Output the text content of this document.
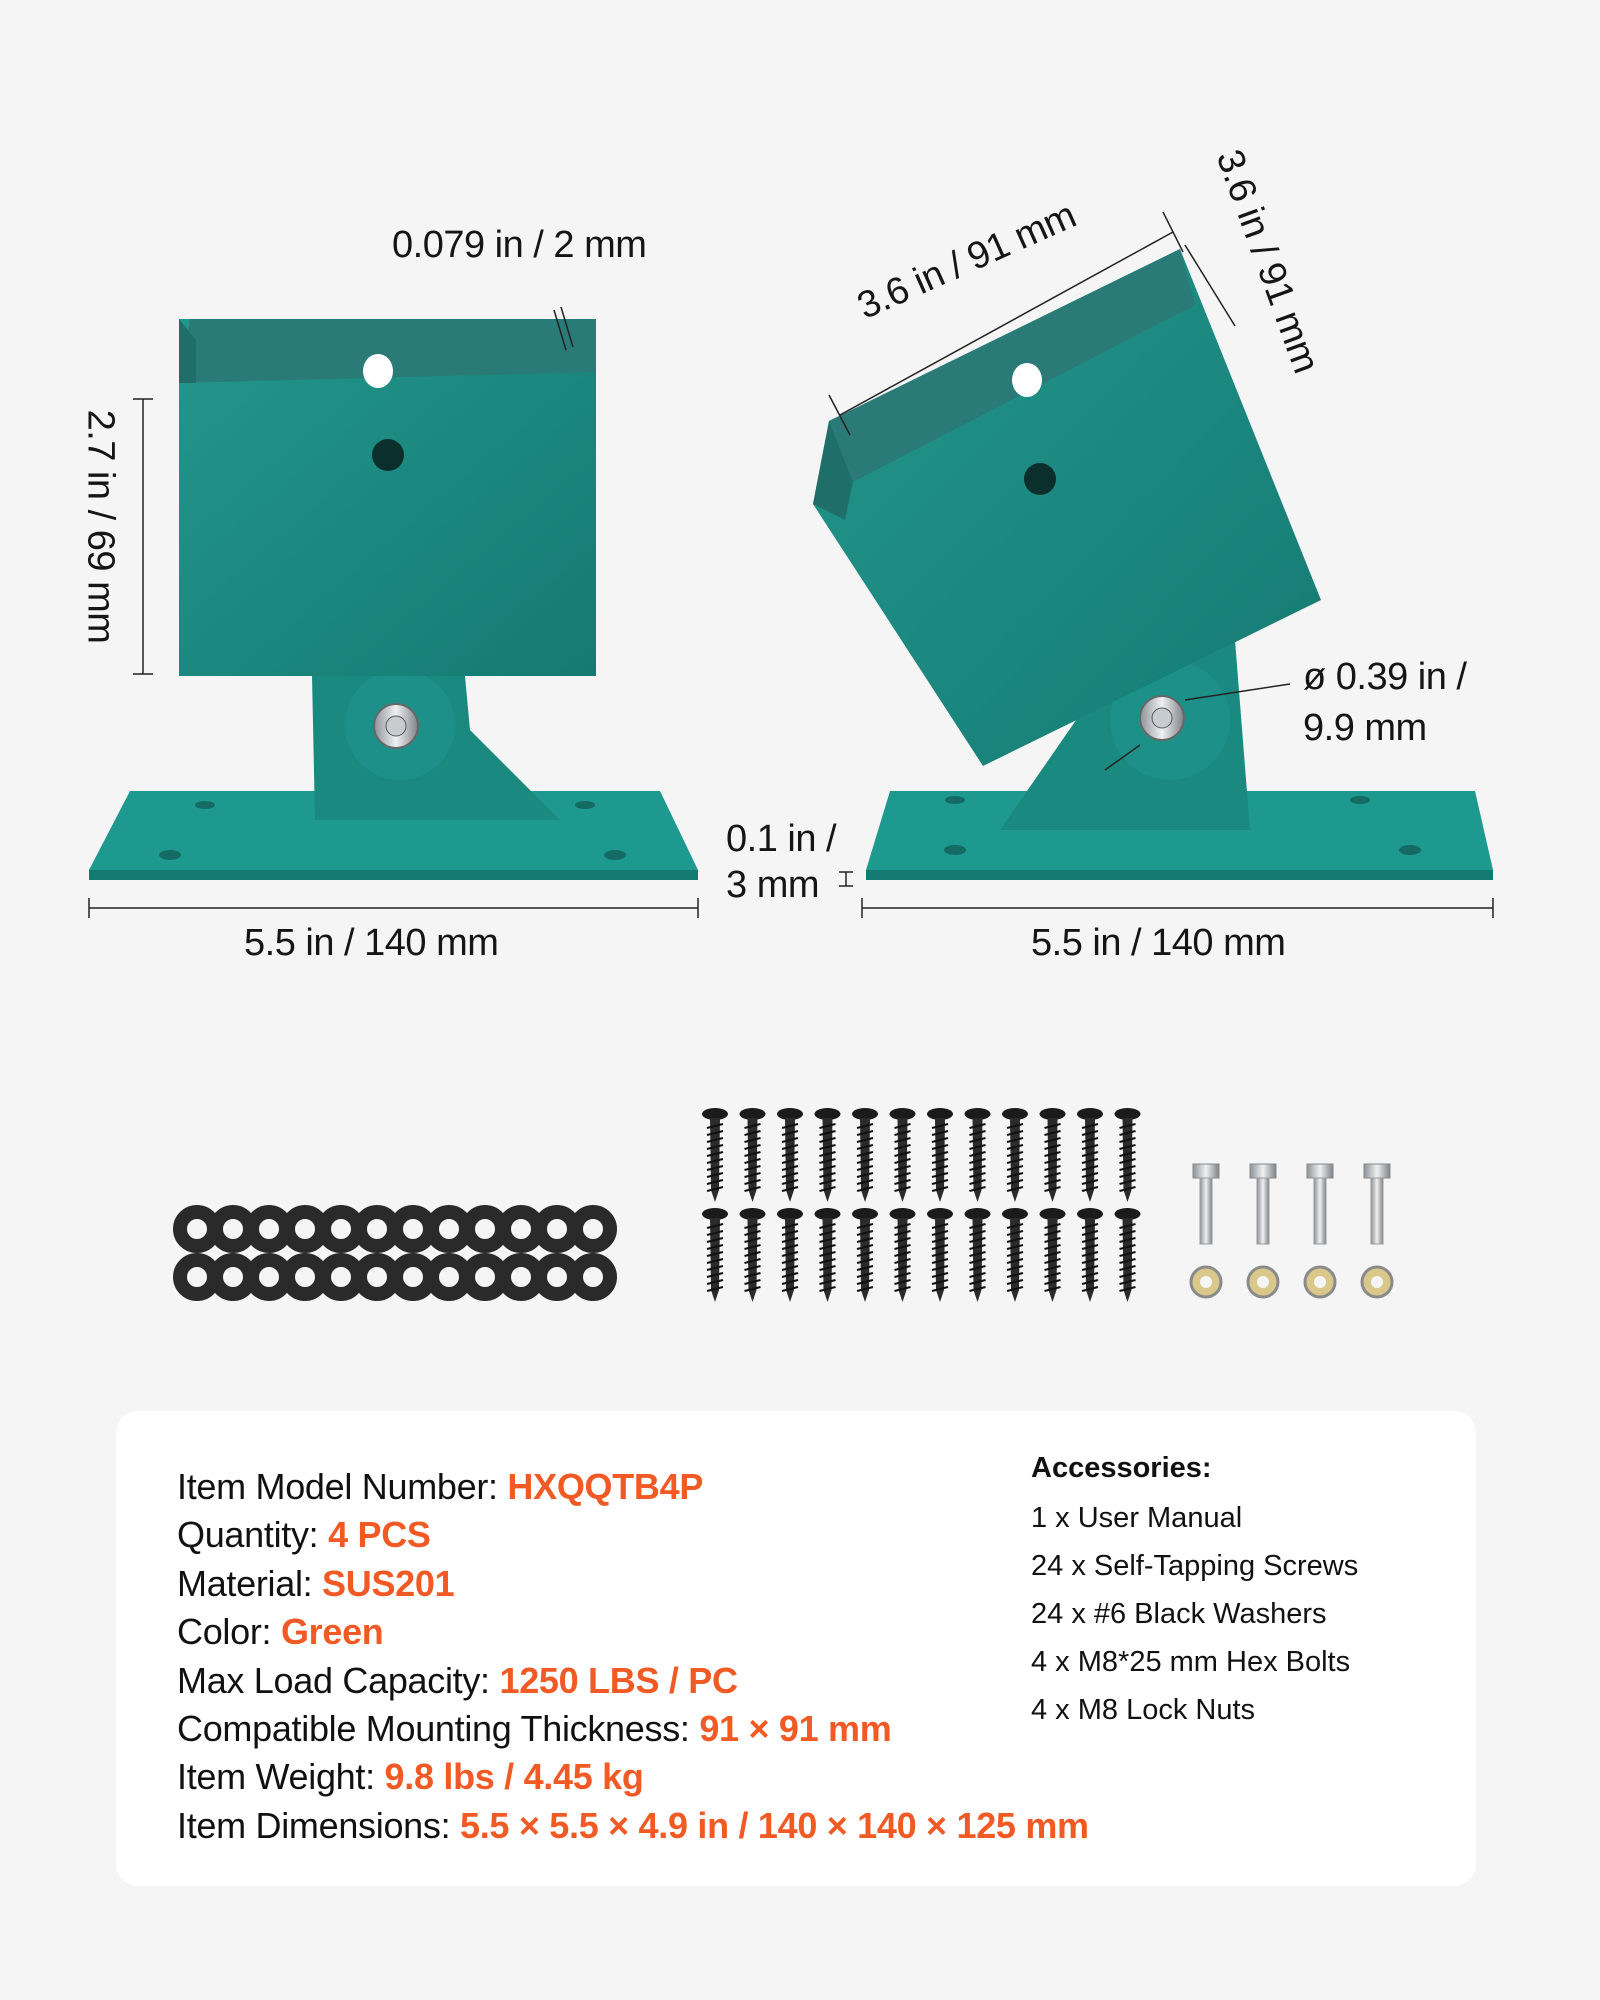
0.079 in / 2 mm
2.7 in / 69 mm
5.5 in / 140 mm	5.5 in / 140 mm
3.6 in / 91 mm	3.6 in / 91 mm
0.1 in /
3 mm
ø 0.39 in /
9.9 mm
Item Model Number: HXQQTB4P
Quantity: 4 PCS
Material: SUS201
Color: Green
Max Load Capacity: 1250 LBS / PC
Compatible Mounting Thickness: 91 × 91 mm
Item Weight: 9.8 lbs / 4.45 kg
Item Dimensions: 5.5 × 5.5 × 4.9 in / 140 × 140 × 125 mm
Accessories:
1 x User Manual
24 x Self-Tapping Screws
24 x #6 Black Washers
4 x M8*25 mm Hex Bolts
4 x M8 Lock Nuts
